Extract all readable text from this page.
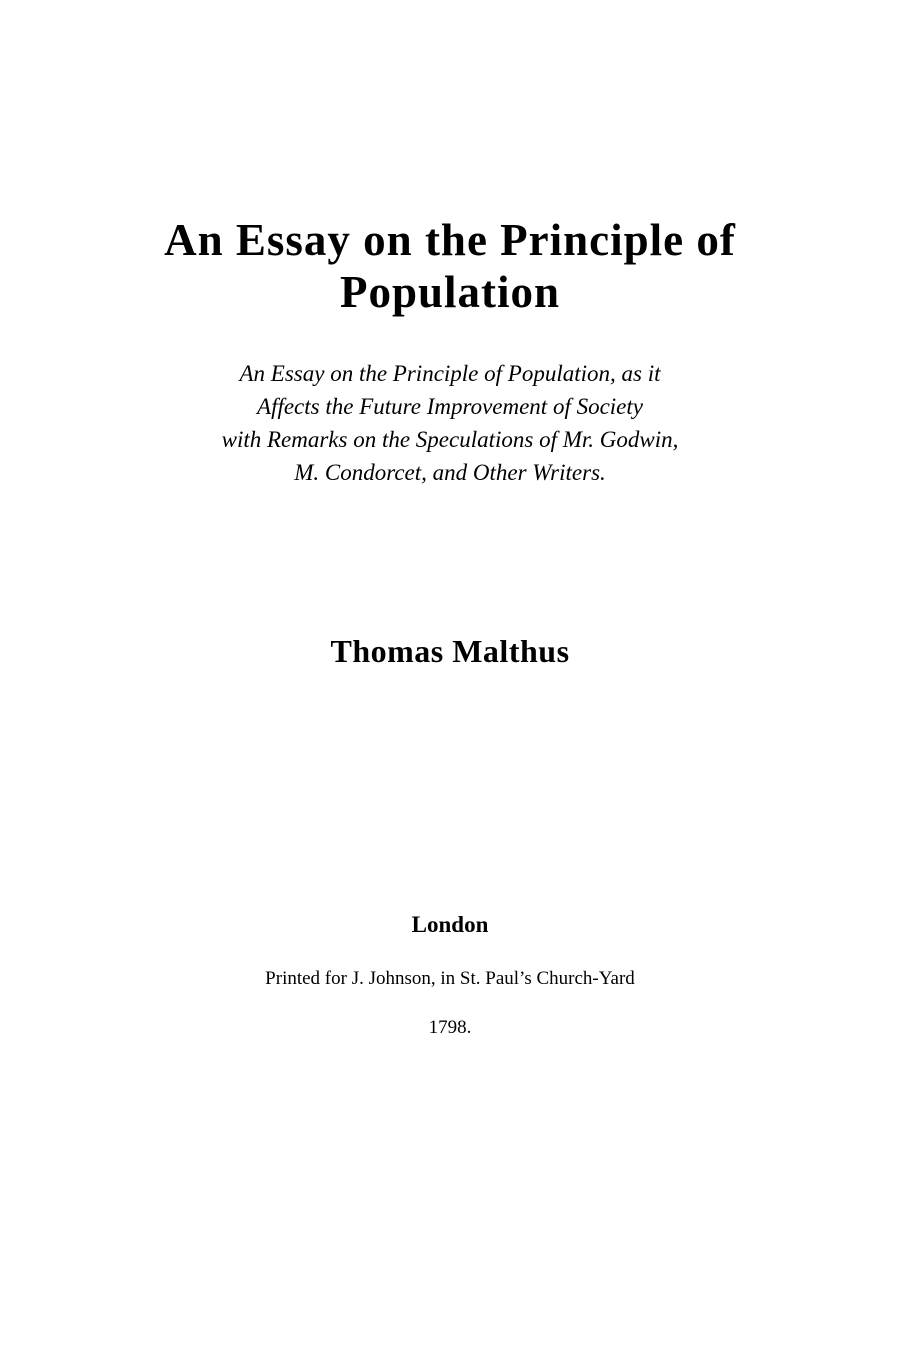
An Essay on the Principle of Population
An Essay on the Principle of Population, as it
Affects the Future Improvement of Society
with Remarks on the Speculations of Mr. Godwin,
M. Condorcet, and Other Writers.
Thomas Malthus
London
Printed for J. Johnson, in St. Paul’s Church-Yard
1798.
